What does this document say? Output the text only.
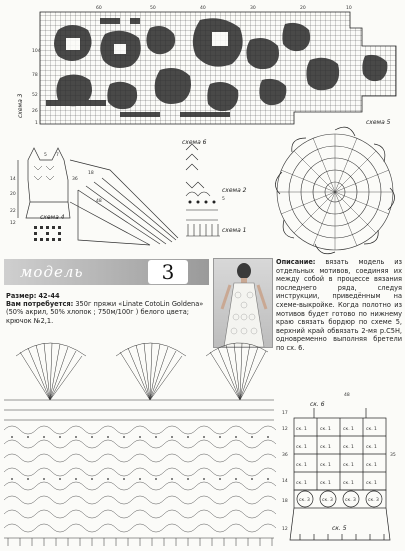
104
78
52
26
1
60	50	40	30	20	10
схема 3
14
20
36
22
18
12
48
5 7
схема 4
5
схема 6
схема 2
схема 1
схема 5
модель	3
Размер: 42-44
Вам потребуется: 350г пряжи «Linate CotoLin Goldena» (50% акрил, 50% хлопок ; 750м/100г ) белого цвета; крючок №2,1.
Описание: вязать модель из отдельных мотивов, соединяя их между собой в процессе вязания последнего ряда, следуя инструкции, приведённым на схеме-выкройке. Когда полотно из мотивов будет готово по нижнему краю связать бордюр по схеме 5, верхний край обвязать 2-мя р.С5Н, одновременно выполняя бретели по сх. 6.
48
ск. 6
ск. 1	ск. 1	ск. 1	ск. 1
ск. 1	ск. 1	ск. 1	ск. 1
ск. 1	ск. 1	ск. 1	ск. 1
ск. 1	ск. 1	ск. 1	ск. 1
ск. 3	ск. 3	ск. 3	ск. 3
ск. 5
17
12
36
14
18
12
35
